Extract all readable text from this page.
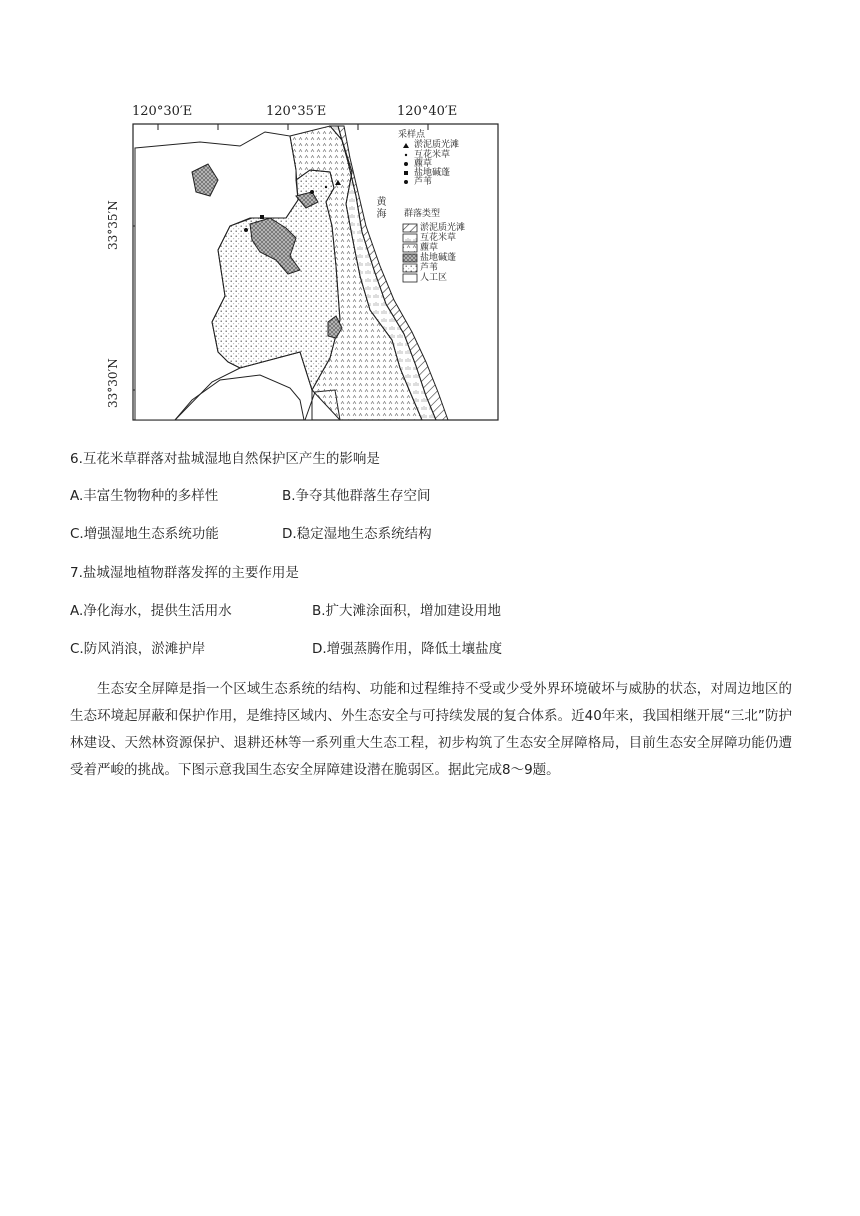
120°30′E	120°35′E	120°40′E
33°35′N
33°30′N
黄海
采样点
淤泥质光滩
互花米草
藨草
盐地碱蓬
芦苇
群落类型
淤泥质光滩
互花米草
藨草
盐地碱蓬
芦苇
人工区
6.互花米草群落对盐城湿地自然保护区产生的影响是
A.丰富生物物种的多样性	B.争夺其他群落生存空间
C.增强湿地生态系统功能	D.稳定湿地生态系统结构
7.盐城湿地植物群落发挥的主要作用是
A.净化海水，提供生活用水	B.扩大滩涂面积，增加建设用地
C.防风消浪，淤滩护岸	D.增强蒸腾作用，降低土壤盐度
生态安全屏障是指一个区域生态系统的结构、功能和过程维持不受或少受外界环境破坏与威胁的状态，对周边地区的生态环境起屏蔽和保护作用，是维持区域内、外生态安全与可持续发展的复合体系。近40年来，我国相继开展“三北”防护林建设、天然林资源保护、退耕还林等一系列重大生态工程，初步构筑了生态安全屏障格局，目前生态安全屏障功能仍遭受着严峻的挑战。下图示意我国生态安全屏障建设潜在脆弱区。据此完成8～9题。
